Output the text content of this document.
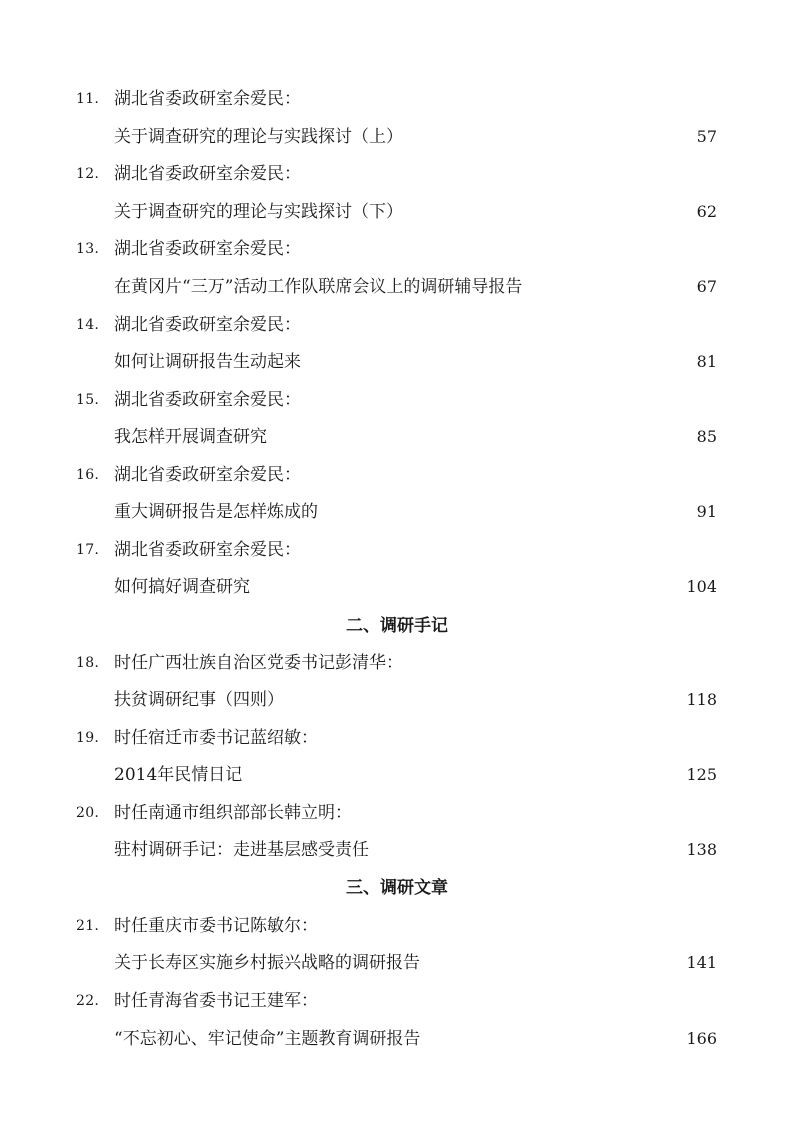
11. 湖北省委政研室余爱民：
关于调查研究的理论与实践探讨（上）	57
12. 湖北省委政研室余爱民：
关于调查研究的理论与实践探讨（下）	62
13. 湖北省委政研室余爱民：
在黄冈片“三万”活动工作队联席会议上的调研辅导报告	67
14. 湖北省委政研室余爱民：
如何让调研报告生动起来	81
15. 湖北省委政研室余爱民：
我怎样开展调查研究	85
16. 湖北省委政研室余爱民：
重大调研报告是怎样炼成的	91
17. 湖北省委政研室余爱民：
如何搞好调查研究	104
二、调研手记
18. 时任广西壮族自治区党委书记彭清华：
扶贫调研纪事（四则）	118
19. 时任宿迁市委书记蓝绍敏：
2014年民情日记	125
20. 时任南通市组织部部长韩立明：
驻村调研手记：走进基层感受责任	138
三、调研文章
21. 时任重庆市委书记陈敏尔：
关于长寿区实施乡村振兴战略的调研报告	141
22. 时任青海省委书记王建军：
“不忘初心、牢记使命”主题教育调研报告	166
